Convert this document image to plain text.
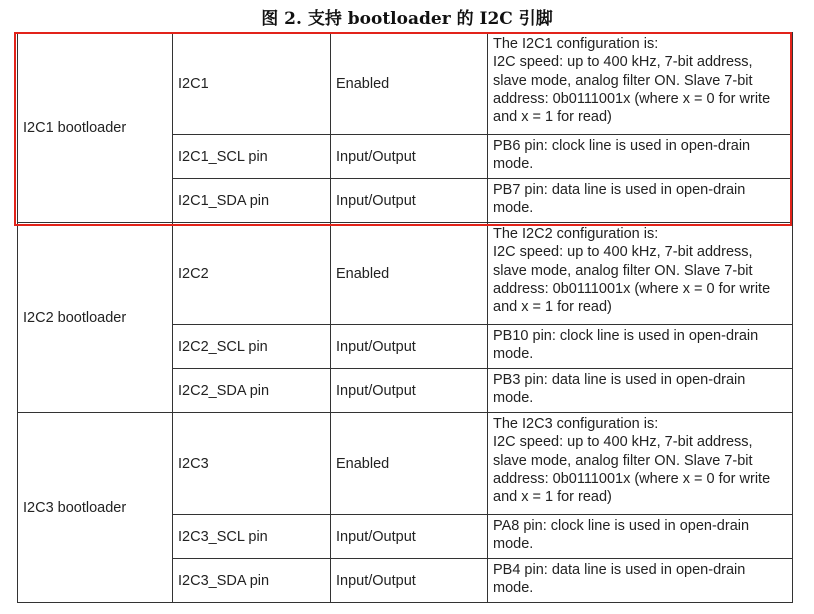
图 2. 支持 bootloader 的 I2C 引脚
I2C1 bootloader	I2C1	Enabled	The I2C1 configuration is:
I2C speed: up to 400 kHz, 7-bit address,
slave mode, analog filter ON. Slave 7-bit
address: 0b0111001x (where x = 0 for write
and x = 1 for read)

	I2C1_SCL pin	Input/Output	PB6 pin: clock line is used in open-drain
mode.

	I2C1_SDA pin	Input/Output	PB7 pin: data line is used in open-drain
mode.

I2C2 bootloader	I2C2	Enabled	The I2C2 configuration is:
I2C speed: up to 400 kHz, 7-bit address,
slave mode, analog filter ON. Slave 7-bit
address: 0b0111001x (where x = 0 for write
and x = 1 for read)

	I2C2_SCL pin	Input/Output	PB10 pin: clock line is used in open-drain
mode.

	I2C2_SDA pin	Input/Output	PB3 pin: data line is used in open-drain
mode.

I2C3 bootloader	I2C3	Enabled	The I2C3 configuration is:
I2C speed: up to 400 kHz, 7-bit address,
slave mode, analog filter ON. Slave 7-bit
address: 0b0111001x (where x = 0 for write
and x = 1 for read)

	I2C3_SCL pin	Input/Output	PA8 pin: clock line is used in open-drain
mode.

	I2C3_SDA pin	Input/Output	PB4 pin: data line is used in open-drain
mode.
